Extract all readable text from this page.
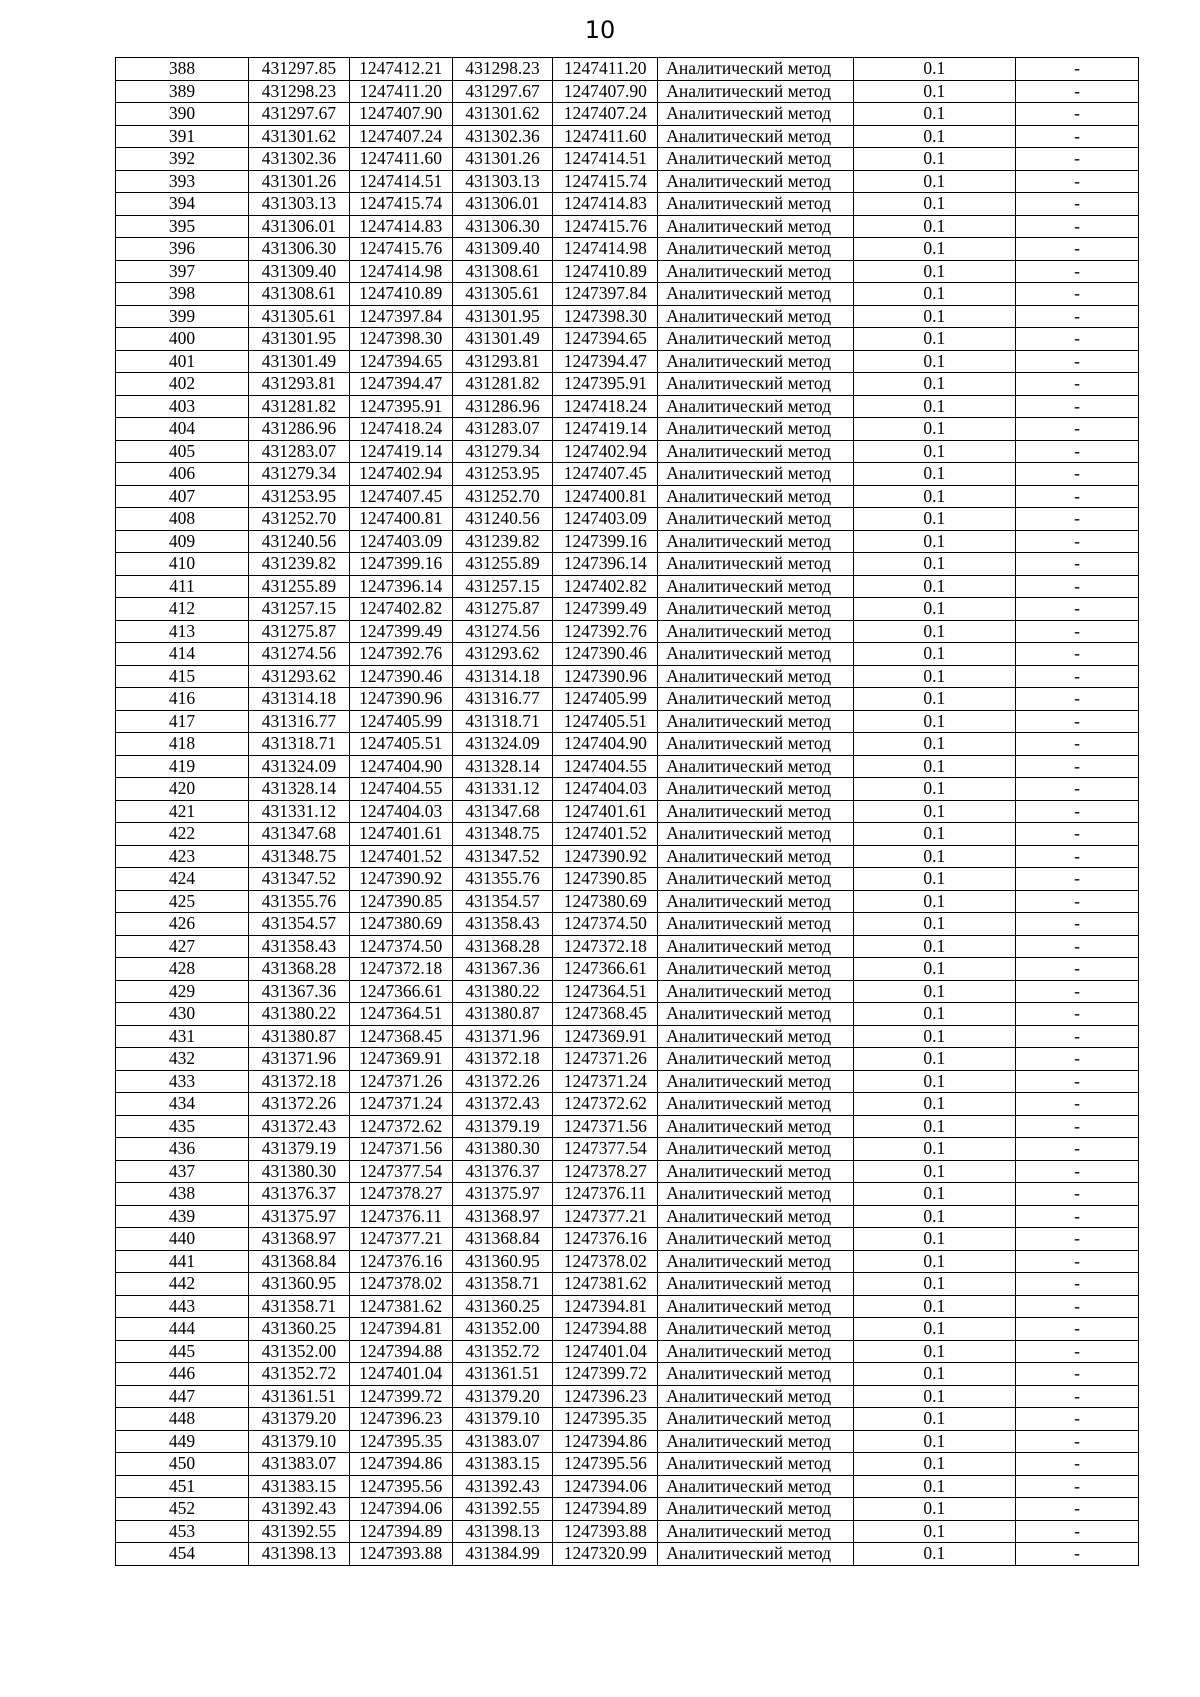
10
388	431297.85	1247412.21	431298.23	1247411.20	Аналитический метод	0.1	-
389	431298.23	1247411.20	431297.67	1247407.90	Аналитический метод	0.1	-
390	431297.67	1247407.90	431301.62	1247407.24	Аналитический метод	0.1	-
391	431301.62	1247407.24	431302.36	1247411.60	Аналитический метод	0.1	-
392	431302.36	1247411.60	431301.26	1247414.51	Аналитический метод	0.1	-
393	431301.26	1247414.51	431303.13	1247415.74	Аналитический метод	0.1	-
394	431303.13	1247415.74	431306.01	1247414.83	Аналитический метод	0.1	-
395	431306.01	1247414.83	431306.30	1247415.76	Аналитический метод	0.1	-
396	431306.30	1247415.76	431309.40	1247414.98	Аналитический метод	0.1	-
397	431309.40	1247414.98	431308.61	1247410.89	Аналитический метод	0.1	-
398	431308.61	1247410.89	431305.61	1247397.84	Аналитический метод	0.1	-
399	431305.61	1247397.84	431301.95	1247398.30	Аналитический метод	0.1	-
400	431301.95	1247398.30	431301.49	1247394.65	Аналитический метод	0.1	-
401	431301.49	1247394.65	431293.81	1247394.47	Аналитический метод	0.1	-
402	431293.81	1247394.47	431281.82	1247395.91	Аналитический метод	0.1	-
403	431281.82	1247395.91	431286.96	1247418.24	Аналитический метод	0.1	-
404	431286.96	1247418.24	431283.07	1247419.14	Аналитический метод	0.1	-
405	431283.07	1247419.14	431279.34	1247402.94	Аналитический метод	0.1	-
406	431279.34	1247402.94	431253.95	1247407.45	Аналитический метод	0.1	-
407	431253.95	1247407.45	431252.70	1247400.81	Аналитический метод	0.1	-
408	431252.70	1247400.81	431240.56	1247403.09	Аналитический метод	0.1	-
409	431240.56	1247403.09	431239.82	1247399.16	Аналитический метод	0.1	-
410	431239.82	1247399.16	431255.89	1247396.14	Аналитический метод	0.1	-
411	431255.89	1247396.14	431257.15	1247402.82	Аналитический метод	0.1	-
412	431257.15	1247402.82	431275.87	1247399.49	Аналитический метод	0.1	-
413	431275.87	1247399.49	431274.56	1247392.76	Аналитический метод	0.1	-
414	431274.56	1247392.76	431293.62	1247390.46	Аналитический метод	0.1	-
415	431293.62	1247390.46	431314.18	1247390.96	Аналитический метод	0.1	-
416	431314.18	1247390.96	431316.77	1247405.99	Аналитический метод	0.1	-
417	431316.77	1247405.99	431318.71	1247405.51	Аналитический метод	0.1	-
418	431318.71	1247405.51	431324.09	1247404.90	Аналитический метод	0.1	-
419	431324.09	1247404.90	431328.14	1247404.55	Аналитический метод	0.1	-
420	431328.14	1247404.55	431331.12	1247404.03	Аналитический метод	0.1	-
421	431331.12	1247404.03	431347.68	1247401.61	Аналитический метод	0.1	-
422	431347.68	1247401.61	431348.75	1247401.52	Аналитический метод	0.1	-
423	431348.75	1247401.52	431347.52	1247390.92	Аналитический метод	0.1	-
424	431347.52	1247390.92	431355.76	1247390.85	Аналитический метод	0.1	-
425	431355.76	1247390.85	431354.57	1247380.69	Аналитический метод	0.1	-
426	431354.57	1247380.69	431358.43	1247374.50	Аналитический метод	0.1	-
427	431358.43	1247374.50	431368.28	1247372.18	Аналитический метод	0.1	-
428	431368.28	1247372.18	431367.36	1247366.61	Аналитический метод	0.1	-
429	431367.36	1247366.61	431380.22	1247364.51	Аналитический метод	0.1	-
430	431380.22	1247364.51	431380.87	1247368.45	Аналитический метод	0.1	-
431	431380.87	1247368.45	431371.96	1247369.91	Аналитический метод	0.1	-
432	431371.96	1247369.91	431372.18	1247371.26	Аналитический метод	0.1	-
433	431372.18	1247371.26	431372.26	1247371.24	Аналитический метод	0.1	-
434	431372.26	1247371.24	431372.43	1247372.62	Аналитический метод	0.1	-
435	431372.43	1247372.62	431379.19	1247371.56	Аналитический метод	0.1	-
436	431379.19	1247371.56	431380.30	1247377.54	Аналитический метод	0.1	-
437	431380.30	1247377.54	431376.37	1247378.27	Аналитический метод	0.1	-
438	431376.37	1247378.27	431375.97	1247376.11	Аналитический метод	0.1	-
439	431375.97	1247376.11	431368.97	1247377.21	Аналитический метод	0.1	-
440	431368.97	1247377.21	431368.84	1247376.16	Аналитический метод	0.1	-
441	431368.84	1247376.16	431360.95	1247378.02	Аналитический метод	0.1	-
442	431360.95	1247378.02	431358.71	1247381.62	Аналитический метод	0.1	-
443	431358.71	1247381.62	431360.25	1247394.81	Аналитический метод	0.1	-
444	431360.25	1247394.81	431352.00	1247394.88	Аналитический метод	0.1	-
445	431352.00	1247394.88	431352.72	1247401.04	Аналитический метод	0.1	-
446	431352.72	1247401.04	431361.51	1247399.72	Аналитический метод	0.1	-
447	431361.51	1247399.72	431379.20	1247396.23	Аналитический метод	0.1	-
448	431379.20	1247396.23	431379.10	1247395.35	Аналитический метод	0.1	-
449	431379.10	1247395.35	431383.07	1247394.86	Аналитический метод	0.1	-
450	431383.07	1247394.86	431383.15	1247395.56	Аналитический метод	0.1	-
451	431383.15	1247395.56	431392.43	1247394.06	Аналитический метод	0.1	-
452	431392.43	1247394.06	431392.55	1247394.89	Аналитический метод	0.1	-
453	431392.55	1247394.89	431398.13	1247393.88	Аналитический метод	0.1	-
454	431398.13	1247393.88	431384.99	1247320.99	Аналитический метод	0.1	-
